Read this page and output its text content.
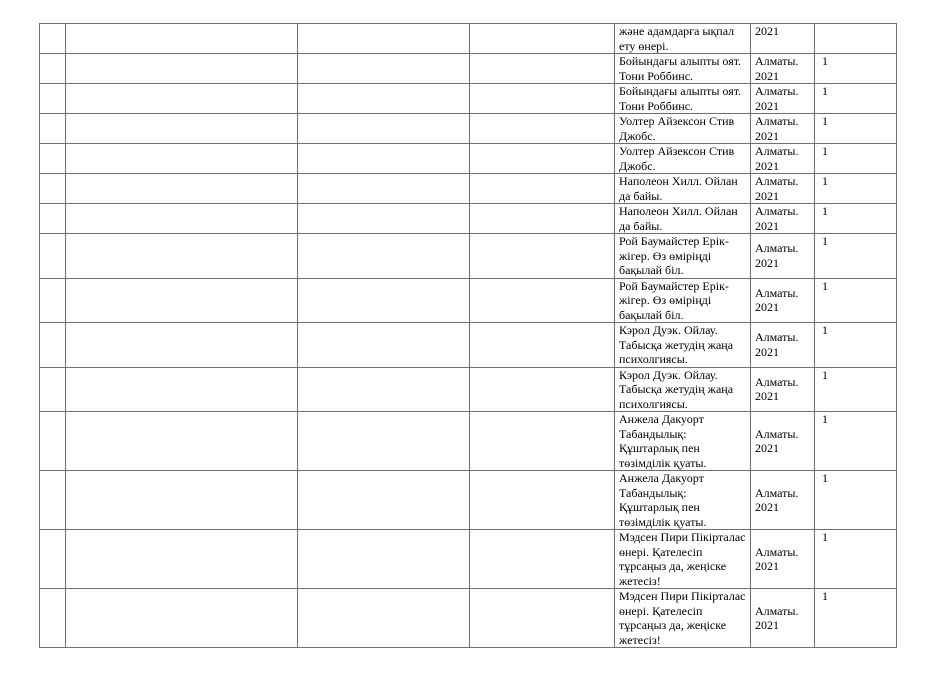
				және адамдарға ықпал ету өнері.	2021	
				Бойындағы алыпты оят. Тони Роббинс.	Алматы. 2021	1
				Бойындағы алыпты оят. Тони Роббинс.	Алматы. 2021	1
				Уолтер Айзексон Стив Джобс.	Алматы. 2021	1
				Уолтер Айзексон Стив Джобс.	Алматы. 2021	1
				Наполеон Хилл. Ойлан да байы.	Алматы. 2021	1
				Наполеон Хилл. Ойлан да байы.	Алматы. 2021	1
				Рой Баумайстер Ерік-жігер. Өз өміріңді бақылай біл.	Алматы. 2021	1
				Рой Баумайстер Ерік-жігер. Өз өміріңді бақылай біл.	Алматы. 2021	1
				Кэрол Дуэк. Ойлау. Табысқа жетудің жаңа психолгиясы.	Алматы. 2021	1
				Кэрол Дуэк. Ойлау. Табысқа жетудің жаңа психолгиясы.	Алматы. 2021	1
				Анжела Дакуорт Табандылық: Құштарлық пен төзімділік қуаты.	Алматы. 2021	1
				Анжела Дакуорт Табандылық: Құштарлық пен төзімділік қуаты.	Алматы. 2021	1
				Мэдсен Пири Пікірталас өнері. Қателесіп тұрсаңыз да, жеңіске жетесіз!	Алматы. 2021	1
				Мэдсен Пири Пікірталас өнері. Қателесіп тұрсаңыз да, жеңіске жетесіз!	Алматы. 2021	1
